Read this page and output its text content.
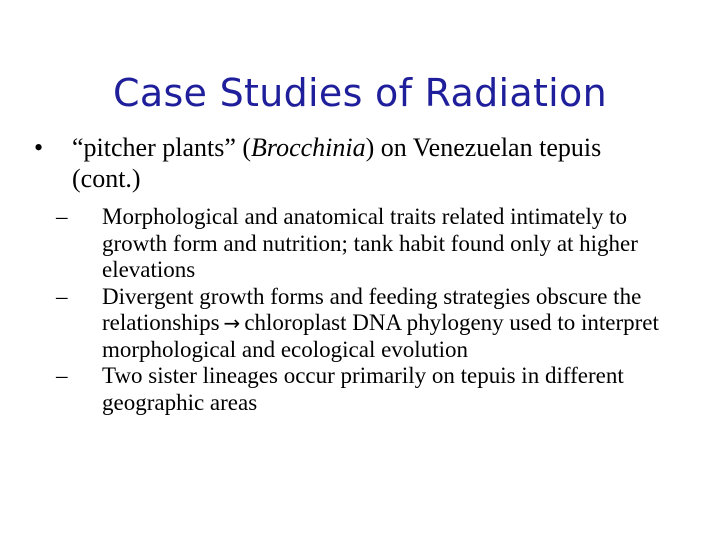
Case Studies of Radiation
• “pitcher plants” (Brocchinia) on Venezuelan tepuis (cont.)
– Morphological and anatomical traits related intimately to growth form and nutrition; tank habit found only at higher elevations
– Divergent growth forms and feeding strategies obscure the relationships → chloroplast DNA phylogeny used to interpret morphological and ecological evolution
– Two sister lineages occur primarily on tepuis in different geographic areas
